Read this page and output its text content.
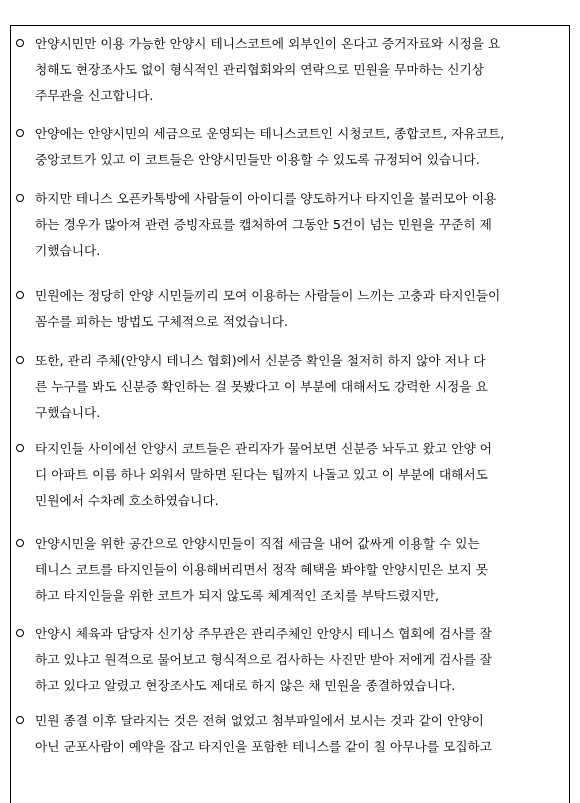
안양시민만 이용 가능한 안양시 테니스코트에 외부인이 온다고 증거자료와 시정을 요
청해도 현장조사도 없이 형식적인 관리협회와의 연락으로 민원을 무마하는 신기상
주무관을 신고합니다.
안양에는 안양시민의 세금으로 운영되는 테니스코트인 시청코트, 종합코트, 자유코트,
중앙코트가 있고 이 코트들은 안양시민들만 이용할 수 있도록 규정되어 있습니다.
하지만 테니스 오픈카톡방에 사람들이 아이디를 양도하거나 타지인을 불러모아 이용
하는 경우가 많아져 관련 증빙자료를 캡처하여 그동안 5건이 넘는 민원을 꾸준히 제
기했습니다.
민원에는 정당히 안양 시민들끼리 모여 이용하는 사람들이 느끼는 고충과 타지인들이
꼼수를 피하는 방법도 구체적으로 적었습니다.
또한, 관리 주체(안양시 테니스 협회)에서 신분증 확인을 철저히 하지 않아 저나 다
른 누구를 봐도 신분증 확인하는 걸 못봤다고 이 부분에 대해서도 강력한 시정을 요
구했습니다.
타지인들 사이에선 안양시 코트들은 관리자가 물어보면 신분증 놔두고 왔고 안양 어
디 아파트 이름 하나 외워서 말하면 된다는 팁까지 나돌고 있고 이 부분에 대해서도
민원에서 수차례 호소하였습니다.
안양시민을 위한 공간으로 안양시민들이 직접 세금을 내어 값싸게 이용할 수 있는
테니스 코트를 타지인들이 이용해버리면서 정작 혜택을 봐야할 안양시민은 보지 못
하고 타지인들을 위한 코트가 되지 않도록 체계적인 조치를 부탁드렸지만,
안양시 체육과 담당자 신기상 주무관은 관리주체인 안양시 테니스 협회에 검사를 잘
하고 있냐고 원격으로 물어보고 형식적으로 검사하는 사진만 받아 저에게 검사를 잘
하고 있다고 알렸고 현장조사도 제대로 하지 않은 채 민원을 종결하였습니다.
민원 종결 이후 달라지는 것은 전혀 없었고 첨부파일에서 보시는 것과 같이 안양이
아닌 군포사람이 예약을 잡고 타지인을 포함한 테니스를 같이 칠 아무나를 모집하고
